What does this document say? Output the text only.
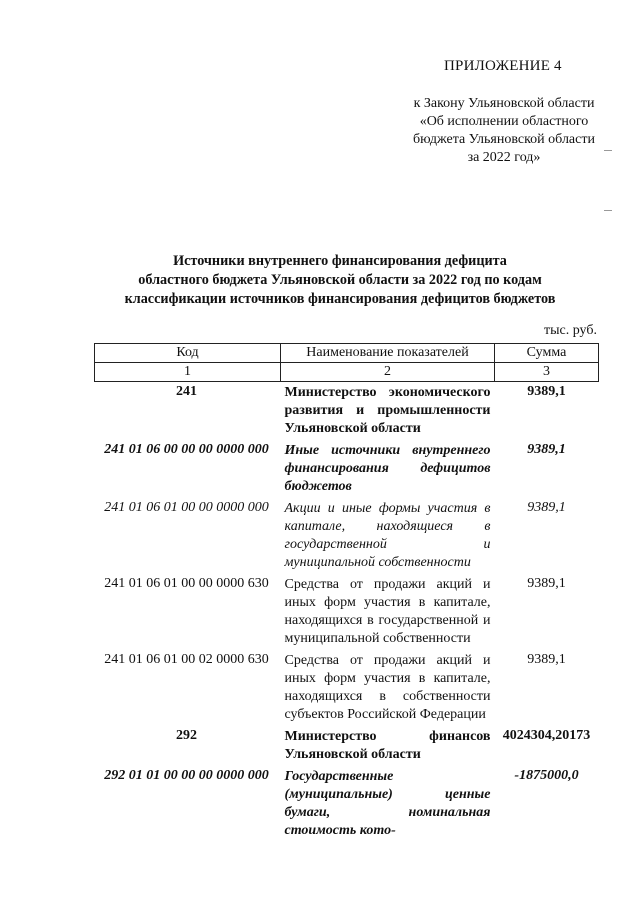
ПРИЛОЖЕНИЕ 4
к Закону Ульяновской области
«Об исполнении областного
бюджета Ульяновской области
за 2022 год»
Источники внутреннего финансирования дефицита
областного бюджета Ульяновской области за 2022 год по кодам
классификации источников финансирования дефицитов бюджетов
тыс. руб.
Код	Наименование показателей	Сумма
1	2	3
241	Министерство экономического развития и промышленности Ульяновской области	9389,1
241 01 06 00 00 00 0000 000	Иные источники внутреннего финансирования дефицитов бюджетов	9389,1
241 01 06 01 00 00 0000 000	Акции и иные формы участия в капитале, находящиеся в государственной и муниципальной собственности	9389,1
241 01 06 01 00 00 0000 630	Средства от продажи акций и иных форм участия в капитале, находящихся в государственной и муниципальной собственности	9389,1
241 01 06 01 00 02 0000 630	Средства от продажи акций и иных форм участия в капитале, находящихся в собственности субъектов Российской Федерации	9389,1
292	Министерство финансов Ульяновской области	4024304,20173
292 01 01 00 00 00 0000 000	Государственные (муниципальные) ценные бумаги, номинальная стоимость кото-	-1875000,0
